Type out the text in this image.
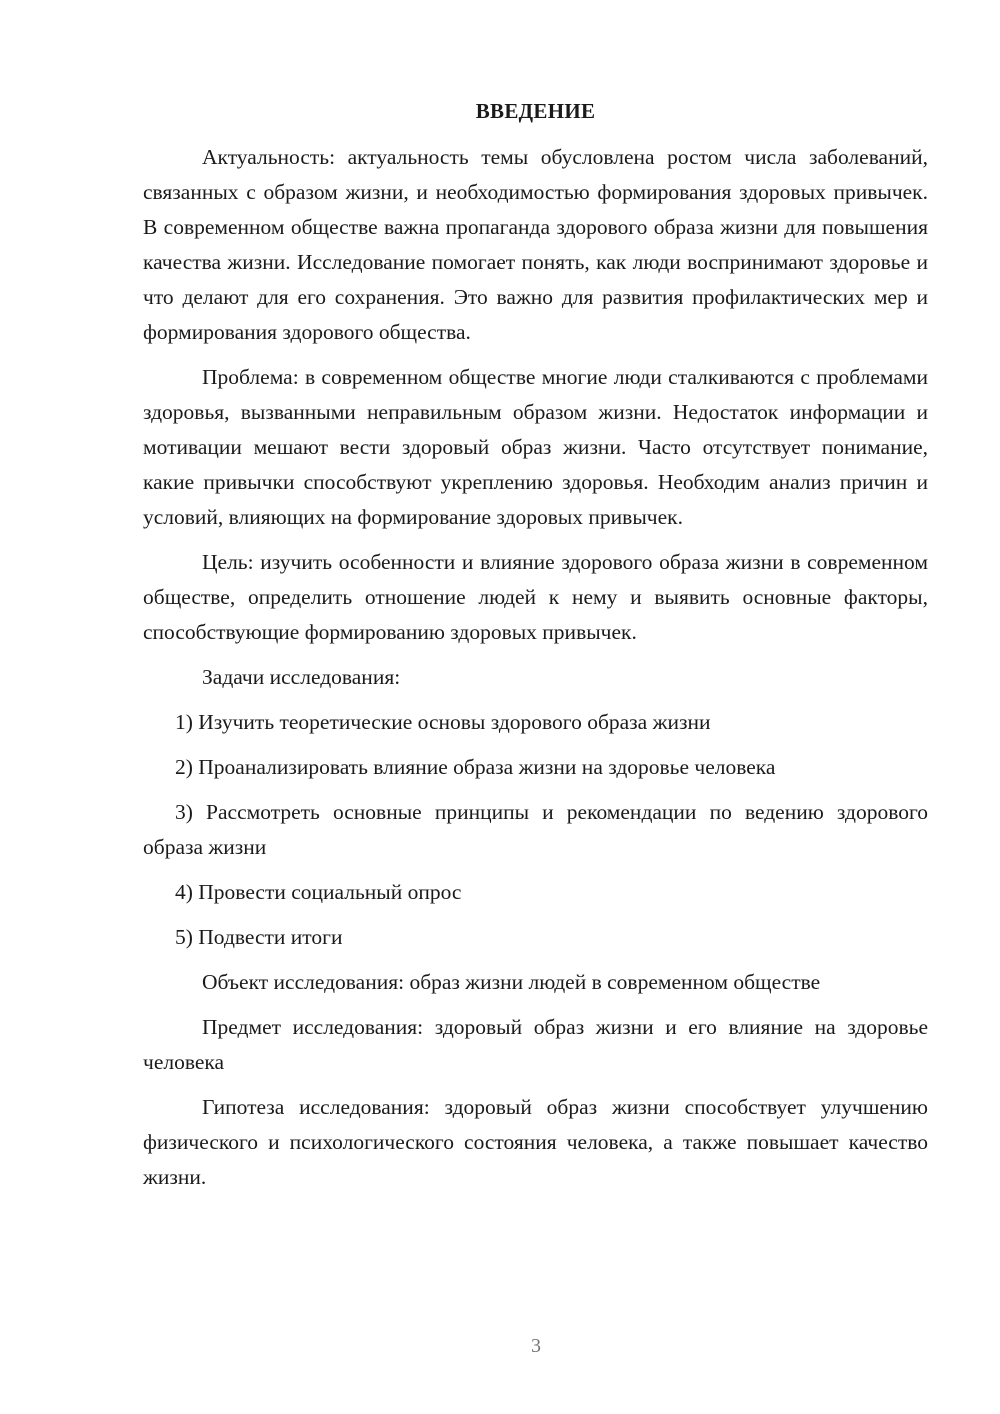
ВВЕДЕНИЕ

Актуальность: актуальность темы обусловлена ростом числа заболеваний, связанных с образом жизни, и необходимостью формирования здоровых привычек. В современном обществе важна пропаганда здорового образа жизни для повышения качества жизни. Исследование помогает понять, как люди воспринимают здоровье и что делают для его сохранения. Это важно для развития профилактических мер и формирования здорового общества.

Проблема: в современном обществе многие люди сталкиваются с проблемами здоровья, вызванными неправильным образом жизни. Недостаток информации и мотивации мешают вести здоровый образ жизни. Часто отсутствует понимание, какие привычки способствуют укреплению здоровья. Необходим анализ причин и условий, влияющих на формирование здоровых привычек.

Цель: изучить особенности и влияние здорового образа жизни в современном обществе, определить отношение людей к нему и выявить основные факторы, способствующие формированию здоровых привычек.

Задачи исследования:

1) Изучить теоретические основы здорового образа жизни

2) Проанализировать влияние образа жизни на здоровье человека

3) Рассмотреть основные принципы и рекомендации по ведению здорового образа жизни

4) Провести социальный опрос

5) Подвести итоги

Объект исследования: образ жизни людей в современном обществе

Предмет исследования: здоровый образ жизни и его влияние на здоровье человека

Гипотеза исследования: здоровый образ жизни способствует улучшению физического и психологического состояния человека, а также повышает качество жизни.

3
